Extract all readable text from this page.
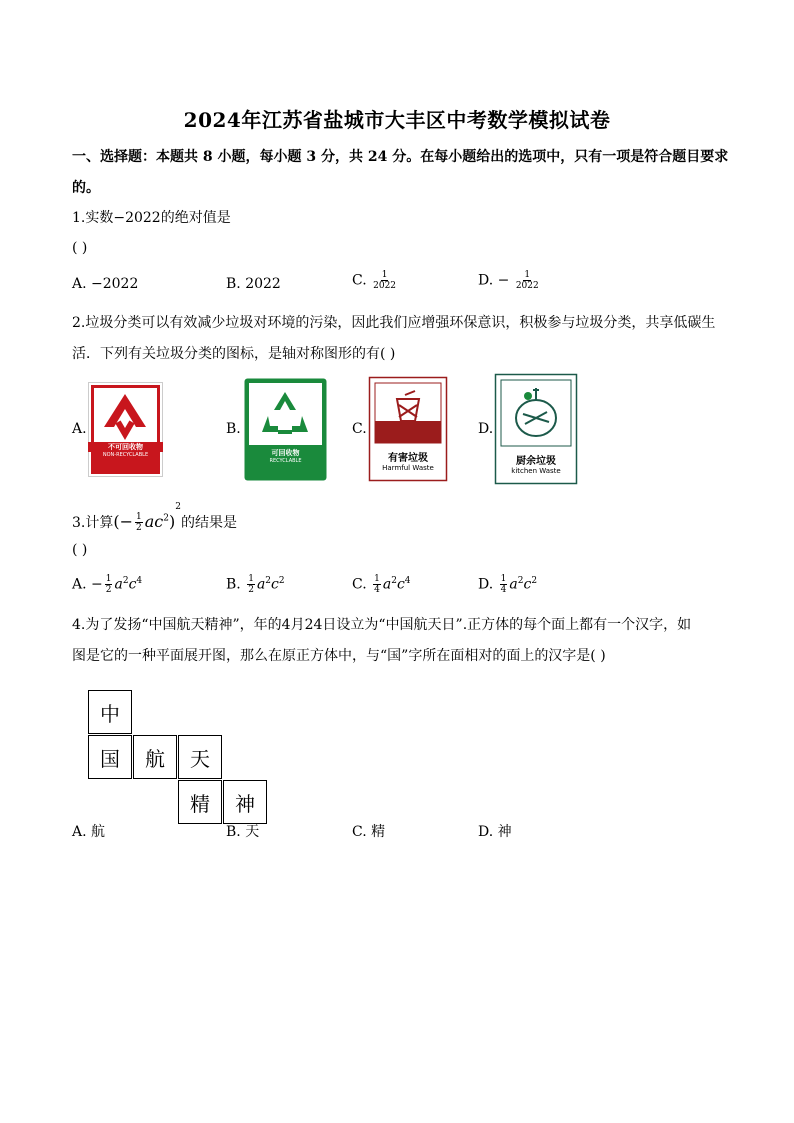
2024年江苏省盐城市大丰区中考数学模拟试卷
一、选择题：本题共 8 小题，每小题 3 分，共 24 分。在每小题给出的选项中，只有一项是符合题目要求
的。
1.实数−2022的绝对值是
( )
A. −2022	B. 2022	C. $\frac{1}{2022}$	D. − $\frac{1}{2022}$
2.垃圾分类可以有效减少垃圾对环境的污染，因此我们应增强环保意识，积极参与垃圾分类，共享低碳生
活．下列有关垃圾分类的图标，是轴对称图形的有( )
A.
不可回收物
NON-RECYCLABLE
B.
可回收物
RECYCLABLE
C.
有害垃圾
Harmful Waste
D.
厨余垃圾
kitchen Waste
3.计算(− $\frac{1}{2} ac^2)^2$的结果是
( )
A. − $\frac{1}{2} a^2c^4$	B. $\frac{1}{2} a^2c^2$	C. $\frac{1}{4} a^2c^4$	D. $\frac{1}{4} a^2c^2$
4.为了发扬“中国航天精神”，年的4月24日设立为“中国航天日”.正方体的每个面上都有一个汉字，如
图是它的一种平面展开图，那么在原正方体中，与“国”字所在面相对的面上的汉字是( )
中
国	航	天
精	神
A. 航	B. 天	C. 精	D. 神
